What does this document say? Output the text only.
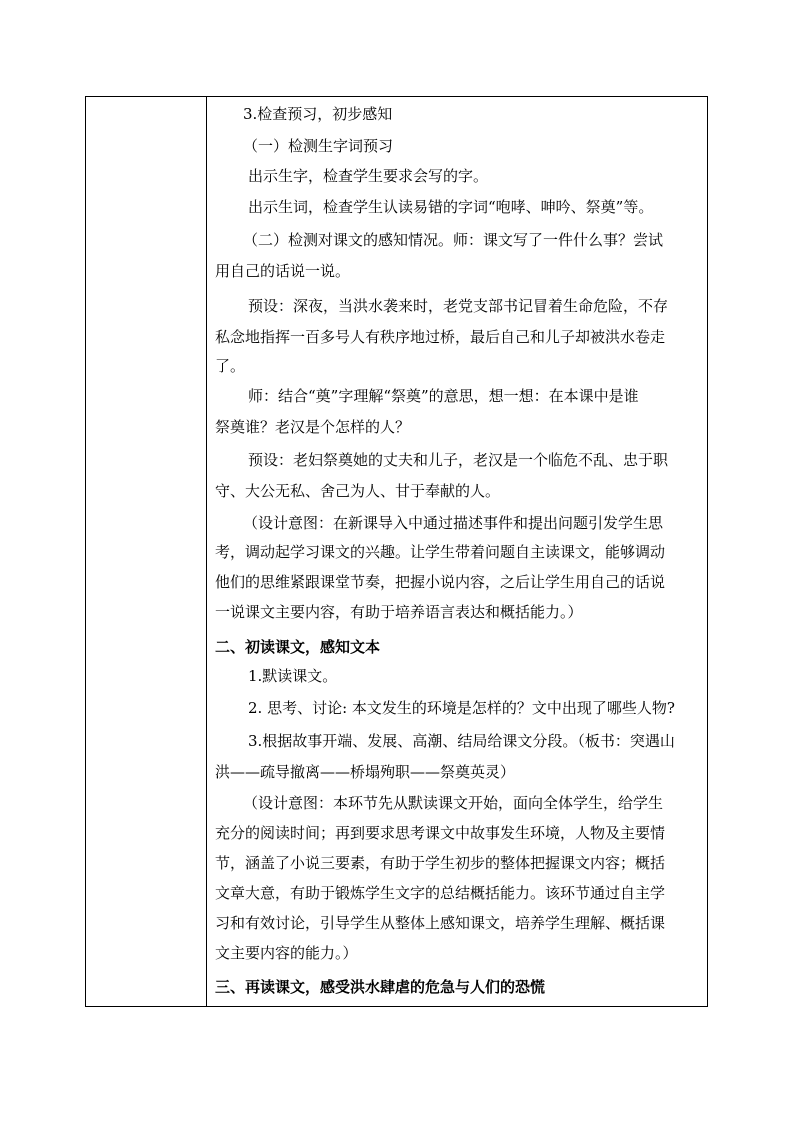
3.检查预习，初步感知
（一）检测生字词预习
出示生字，检查学生要求会写的字。
出示生词，检查学生认读易错的字词“咆哮、呻吟、祭奠”等。
（二）检测对课文的感知情况。师：课文写了一件什么事？尝试
用自己的话说一说。
预设：深夜，当洪水袭来时，老党支部书记冒着生命危险，不存
私念地指挥一百多号人有秩序地过桥，最后自己和儿子却被洪水卷走
了。
师：结合“奠”字理解“祭奠”的意思，想一想：在本课中是谁
祭奠谁？老汉是个怎样的人？
预设：老妇祭奠她的丈夫和儿子，老汉是一个临危不乱、忠于职
守、大公无私、舍己为人、甘于奉献的人。
（设计意图：在新课导入中通过描述事件和提出问题引发学生思
考，调动起学习课文的兴趣。让学生带着问题自主读课文，能够调动
他们的思维紧跟课堂节奏，把握小说内容，之后让学生用自己的话说
一说课文主要内容，有助于培养语言表达和概括能力。）
二、初读课文，感知文本
1.默读课文。
2. 思考、讨论: 本文发生的环境是怎样的？文中出现了哪些人物?
3.根据故事开端、发展、高潮、结局给课文分段。（板书：突遇山
洪——疏导撤离——桥塌殉职——祭奠英灵）
（设计意图：本环节先从默读课文开始，面向全体学生，给学生
充分的阅读时间；再到要求思考课文中故事发生环境，人物及主要情
节，涵盖了小说三要素，有助于学生初步的整体把握课文内容；概括
文章大意，有助于锻炼学生文字的总结概括能力。该环节通过自主学
习和有效讨论，引导学生从整体上感知课文，培养学生理解、概括课
文主要内容的能力。）
三、再读课文，感受洪水肆虐的危急与人们的恐慌
